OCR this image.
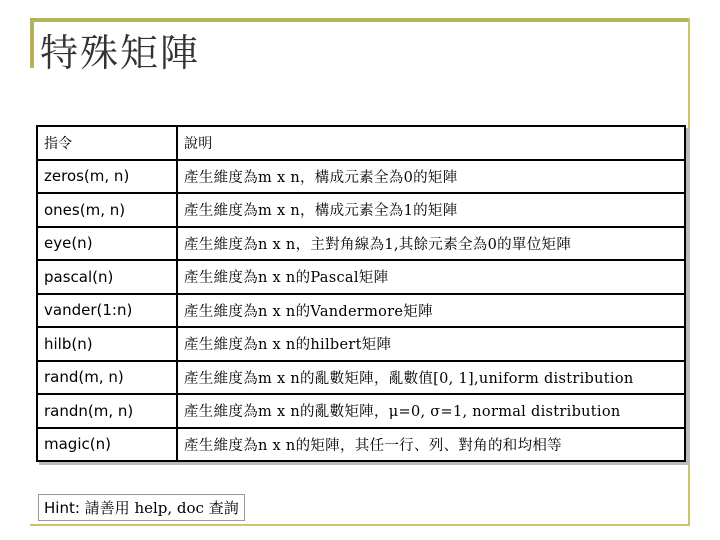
特殊矩陣
指令	說明
zeros(m, n)	產生維度為m x n，構成元素全為0的矩陣
ones(m, n)	產生維度為m x n，構成元素全為1的矩陣
eye(n)	產生維度為n x n，主對角線為1,其餘元素全為0的單位矩陣
pascal(n)	產生維度為n x n的Pascal矩陣
vander(1:n)	產生維度為n x n的Vandermore矩陣
hilb(n)	產生維度為n x n的hilbert矩陣
rand(m, n)	產生維度為m x n的亂數矩陣，亂數值[0, 1],uniform distribution
randn(m, n)	產生維度為m x n的亂數矩陣，μ=0, σ=1, normal distribution
magic(n)	產生維度為n x n的矩陣，其任一行、列、對角的和均相等
Hint: 請善用 help, doc 查詢
